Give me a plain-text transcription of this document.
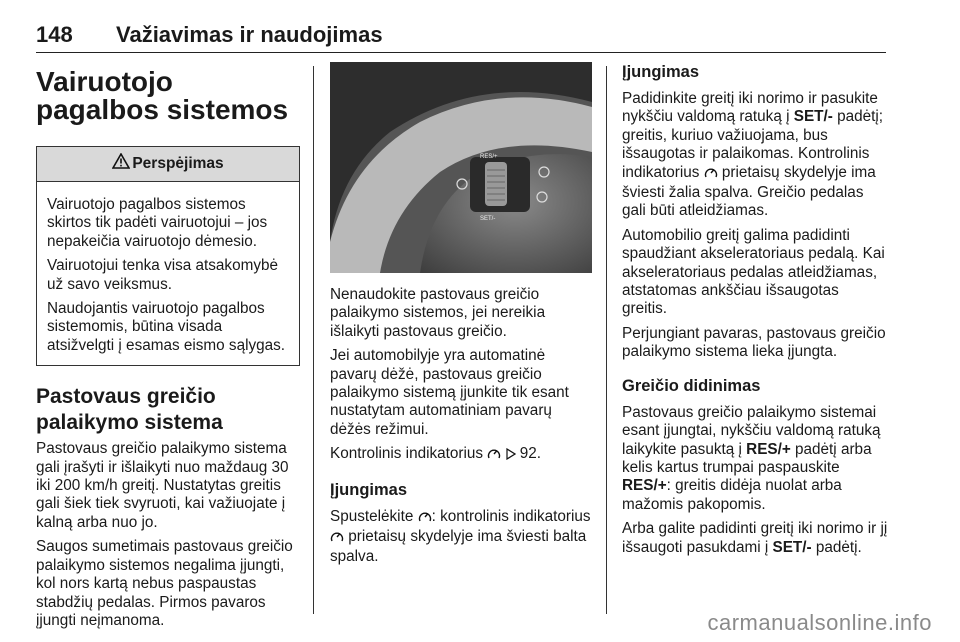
148 Važiavimas ir naudojimas
Vairuotojo pagalbos sistemos
Perspėjimas

Vairuotojo pagalbos sistemos skirtos tik padėti vairuotojui – jos nepakeičia vairuotojo dėmesio.

Vairuotojui tenka visa atsakomybė už savo veiksmus.

Naudojantis vairuotojo pagalbos sistemomis, būtina visada atsižvelgti į esamas eismo sąlygas.

Pastovaus greičio palaikymo sistema

Pastovaus greičio palaikymo sistema gali įrašyti ir išlaikyti nuo maždaug 30 iki 200 km/h greitį. Nustatytas greitis gali šiek tiek svyruoti, kai važiuojate į kalną arba nuo jo.

Saugos sumetimais pastovaus greičio palaikymo sistemos negalima įjungti, kol nors kartą nebus paspaustas stabdžių pedalas. Pirmos pavaros įjungti neįmanoma.

RES/+
SET/-

Nenaudokite pastovaus greičio palaikymo sistemos, jei nereikia išlaikyti pastovaus greičio.

Jei automobilyje yra automatinė pavarų dėžė, pastovaus greičio palaikymo sistemą įjunkite tik esant nustatytam automatiniam pavarų dėžės režimui.

Kontrolinis indikatorius 92.

Įjungimas

Spustelėkite : kontrolinis indikatorius  prietaisų skydelyje ima šviesti balta spalva.

Įjungimas

Padidinkite greitį iki norimo ir pasukite nykščiu valdomą ratuką į SET/- padėtį; greitis, kuriuo važiuojama, bus išsaugotas ir palaikomas. Kontrolinis indikatorius prietaisų skydelyje ima šviesti žalia spalva. Greičio pedalas gali būti atleidžiamas.

Automobilio greitį galima padidinti spaudžiant akseleratoriaus pedalą. Kai akseleratoriaus pedalas atleidžiamas, atstatomas ankščiau išsaugotas greitis.

Perjungiant pavaras, pastovaus greičio palaikymo sistema lieka įjungta.

Greičio didinimas

Pastovaus greičio palaikymo sistemai esant įjungtai, nykščiu valdomą ratuką laikykite pasuktą į RES/+ padėtį arba kelis kartus trumpai paspauskite RES/+: greitis didėja nuolat arba mažomis pakopomis.

Arba galite padidinti greitį iki norimo ir jį išsaugoti pasukdami į SET/- padėtį.

carmanualsonline.info
